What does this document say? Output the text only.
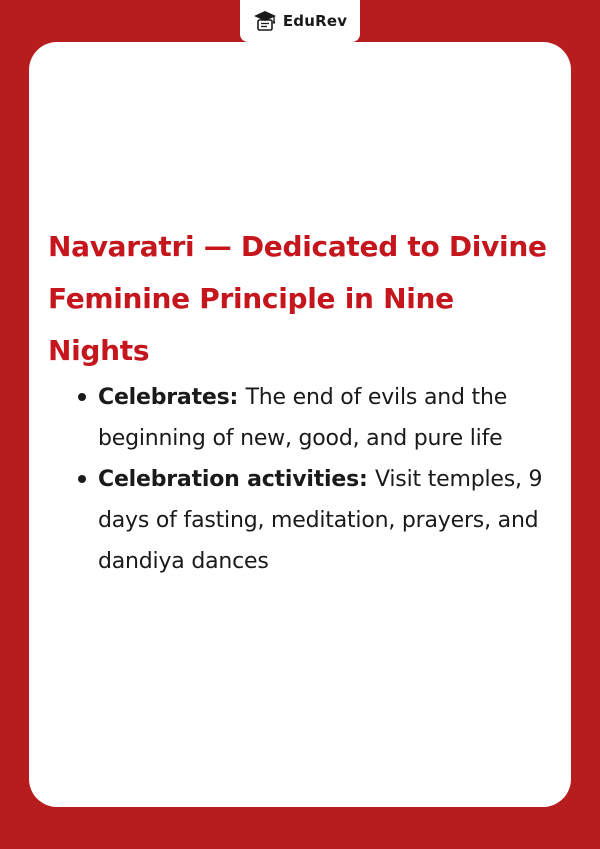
EduRev
Navaratri — Dedicated to Divine Feminine Principle in Nine Nights
Celebrates: The end of evils and the beginning of new, good, and pure life
Celebration activities: Visit temples, 9 days of fasting, meditation, prayers, and dandiya dances
